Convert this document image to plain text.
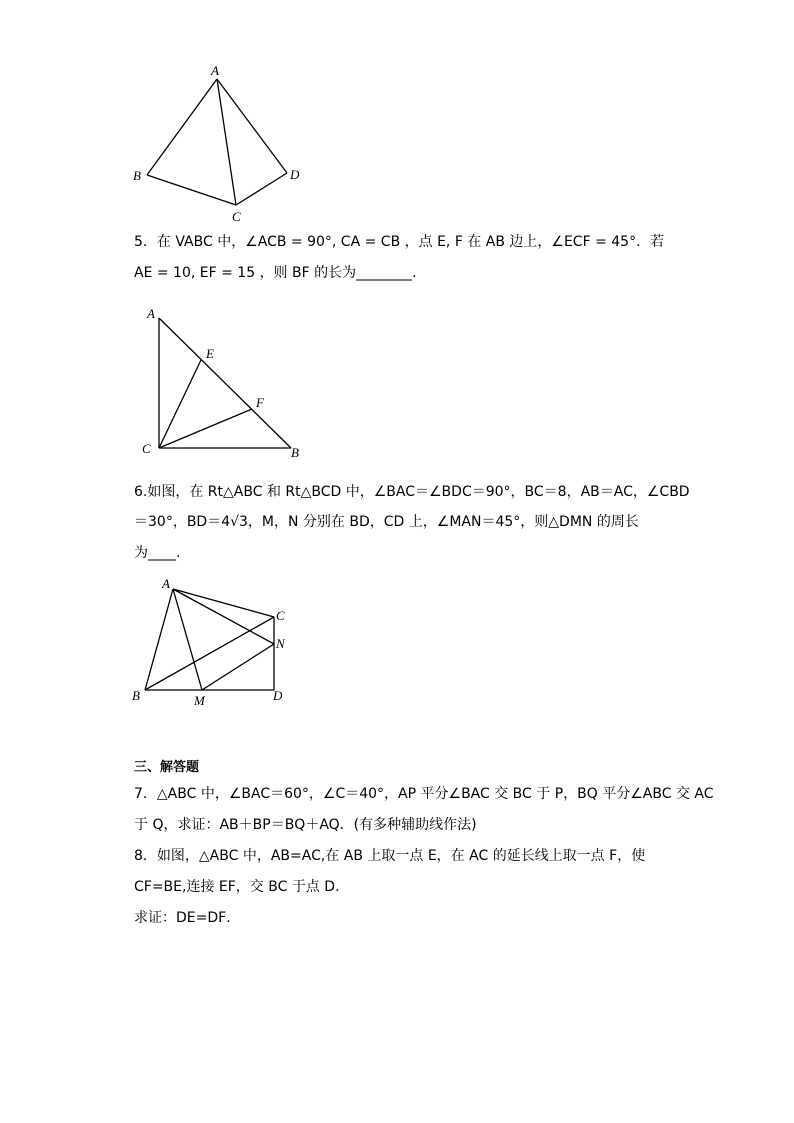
A
B
C
D
5．在 VABC 中，∠ACB = 90°, CA = CB ，点 E, F 在 AB 边上，∠ECF = 45°．若
AE = 10, EF = 15 ，则 BF 的长为________．
A
E
F
C	B
6.如图，在 Rt△ABC 和 Rt△BCD 中，∠BAC＝∠BDC＝90°，BC＝8，AB＝AC，∠CBD
＝30°，BD＝4√3，M，N 分别在 BD，CD 上，∠MAN＝45°，则△DMN 的周长
为____.
A
C
N
B	M	D
三、解答题
7．△ABC 中，∠BAC＝60°，∠C＝40°，AP 平分∠BAC 交 BC 于 P，BQ 平分∠ABC 交 AC
于 Q，求证：AB＋BP＝BQ＋AQ．(有多种辅助线作法)
8．如图，△ABC 中，AB=AC,在 AB 上取一点 E，在 AC 的延长线上取一点 F，使
CF=BE,连接 EF，交 BC 于点 D．
求证：DE=DF．
